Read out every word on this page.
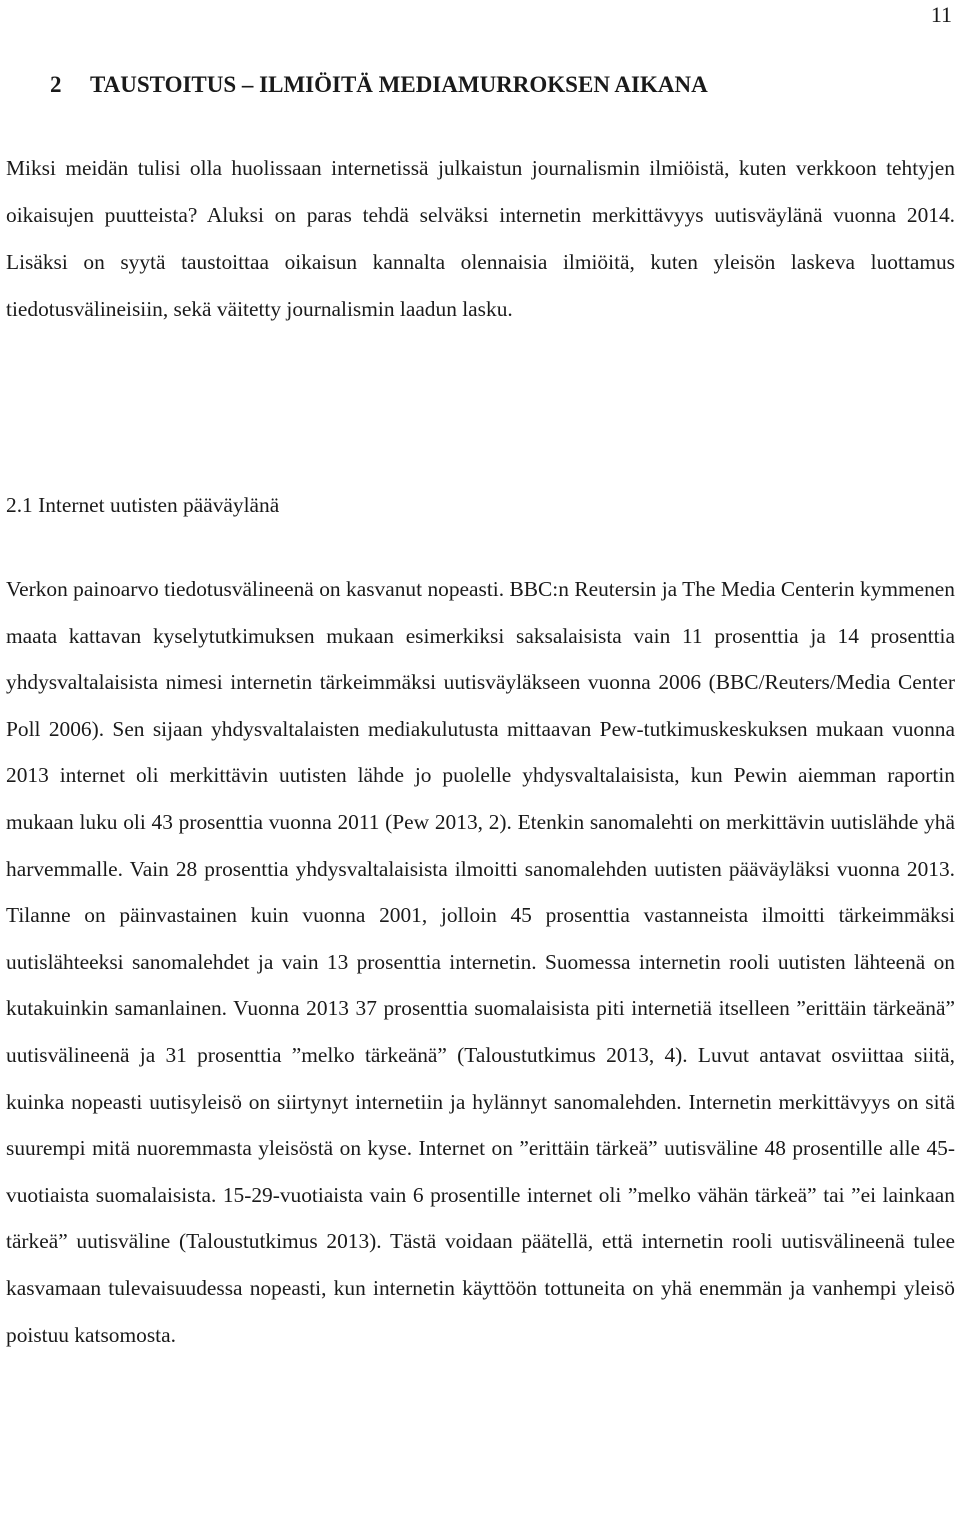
11
2 TAUSTOITUS – ILMIÖITÄ MEDIAMURROKSEN AIKANA

Miksi meidän tulisi olla huolissaan internetissä julkaistun journalismin ilmiöistä, kuten verkkoon tehtyjen oikaisujen puutteista? Aluksi on paras tehdä selväksi internetin merkittävyys uutisväylänä vuonna 2014. Lisäksi on syytä taustoittaa oikaisun kannalta olennaisia ilmiöitä, kuten yleisön laskeva luottamus tiedotusvälineisiin, sekä väitetty journalismin laadun lasku.

2.1 Internet uutisten pääväylänä

Verkon painoarvo tiedotusvälineenä on kasvanut nopeasti. BBC:n Reutersin ja The Media Centerin kymmenen maata kattavan kyselytutkimuksen mukaan esimerkiksi saksalaisista vain 11 prosenttia ja 14 prosenttia yhdysvaltalaisista nimesi internetin tärkeimmäksi uutisväyläkseen vuonna 2006 (BBC/Reuters/Media Center Poll 2006). Sen sijaan yhdysvaltalaisten mediakulutusta mittaavan Pew-tutkimuskeskuksen mukaan vuonna 2013 internet oli merkittävin uutisten lähde jo puolelle yhdysvaltalaisista, kun Pewin aiemman raportin mukaan luku oli 43 prosenttia vuonna 2011 (Pew 2013, 2). Etenkin sanomalehti on merkittävin uutislähde yhä harvemmalle. Vain 28 prosenttia yhdysvaltalaisista ilmoitti sanomalehden uutisten pääväyläksi vuonna 2013. Tilanne on päinvastainen kuin vuonna 2001, jolloin 45 prosenttia vastanneista ilmoitti tärkeimmäksi uutislähteeksi sanomalehdet ja vain 13 prosenttia internetin. Suomessa internetin rooli uutisten lähteenä on kutakuinkin samanlainen. Vuonna 2013 37 prosenttia suomalaisista piti internetiä itselleen ”erittäin tärkeänä” uutisvälineenä ja 31 prosenttia ”melko tärkeänä” (Taloustutkimus 2013, 4). Luvut antavat osviittaa siitä, kuinka nopeasti uutisyleisö on siirtynyt internetiin ja hylännyt sanomalehden. Internetin merkittävyys on sitä suurempi mitä nuoremmasta yleisöstä on kyse. Internet on ”erittäin tärkeä” uutisväline 48 prosentille alle 45-vuotiaista suomalaisista. 15-29-vuotiaista vain 6 prosentille internet oli ”melko vähän tärkeä” tai ”ei lainkaan tärkeä” uutisväline (Taloustutkimus 2013). Tästä voidaan päätellä, että internetin rooli uutisvälineenä tulee kasvamaan tulevaisuudessa nopeasti, kun internetin käyttöön tottuneita on yhä enemmän ja vanhempi yleisö poistuu katsomosta.
